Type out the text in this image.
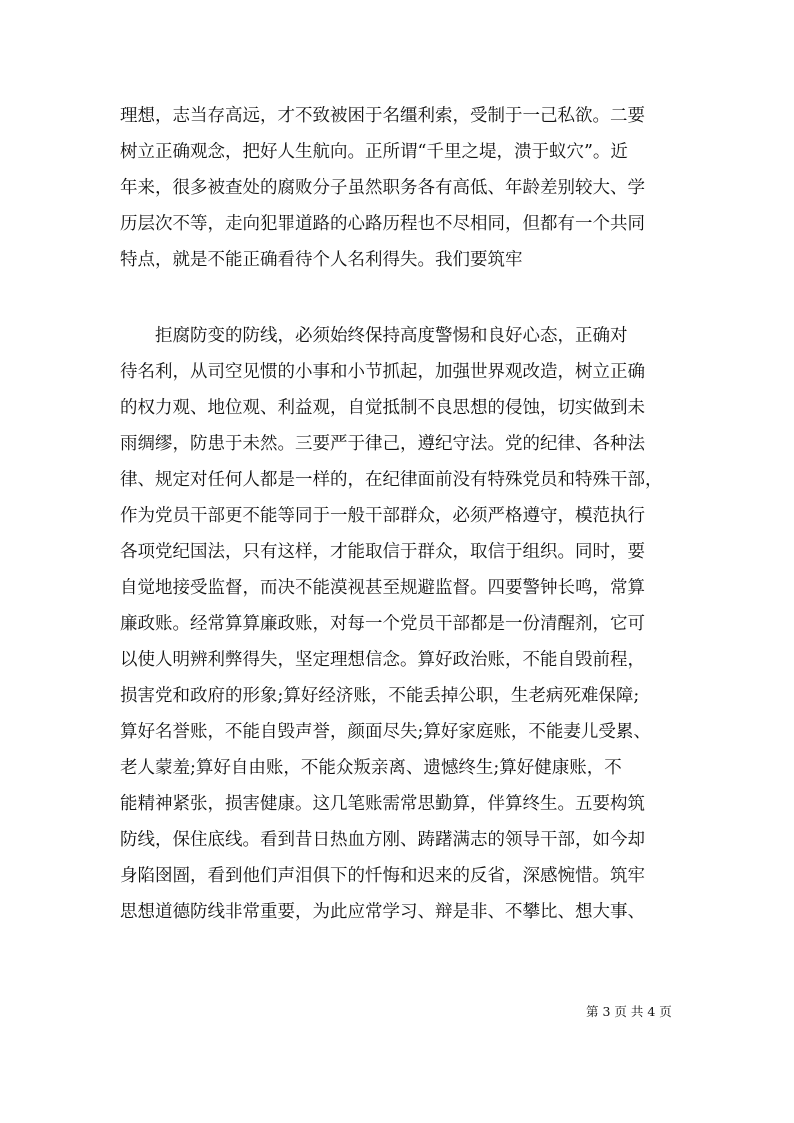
理想，志当存高远，才不致被困于名缰利索，受制于一己私欲。二要
树立正确观念，把好人生航向。正所谓“千里之堤，溃于蚁穴”。近
年来，很多被查处的腐败分子虽然职务各有高低、年龄差别较大、学
历层次不等，走向犯罪道路的心路历程也不尽相同，但都有一个共同
特点，就是不能正确看待个人名利得失。我们要筑牢
拒腐防变的防线，必须始终保持高度警惕和良好心态，正确对
待名利，从司空见惯的小事和小节抓起，加强世界观改造，树立正确
的权力观、地位观、利益观，自觉抵制不良思想的侵蚀，切实做到未
雨绸缪，防患于未然。三要严于律己，遵纪守法。党的纪律、各种法
律、规定对任何人都是一样的，在纪律面前没有特殊党员和特殊干部，
作为党员干部更不能等同于一般干部群众，必须严格遵守，模范执行
各项党纪国法，只有这样，才能取信于群众，取信于组织。同时，要
自觉地接受监督，而决不能漠视甚至规避监督。四要警钟长鸣，常算
廉政账。经常算算廉政账，对每一个党员干部都是一份清醒剂，它可
以使人明辨利弊得失，坚定理想信念。算好政治账，不能自毁前程，
损害党和政府的形象;算好经济账，不能丢掉公职，生老病死难保障;
算好名誉账，不能自毁声誉，颜面尽失;算好家庭账，不能妻儿受累、
老人蒙羞;算好自由账，不能众叛亲离、遗憾终生;算好健康账，不
能精神紧张，损害健康。这几笔账需常思勤算，伴算终生。五要构筑
防线，保住底线。看到昔日热血方刚、踌躇满志的领导干部，如今却
身陷囹圄，看到他们声泪俱下的忏悔和迟来的反省，深感惋惜。筑牢
思想道德防线非常重要，为此应常学习、辩是非、不攀比、想大事、
第 3 页 共 4 页
